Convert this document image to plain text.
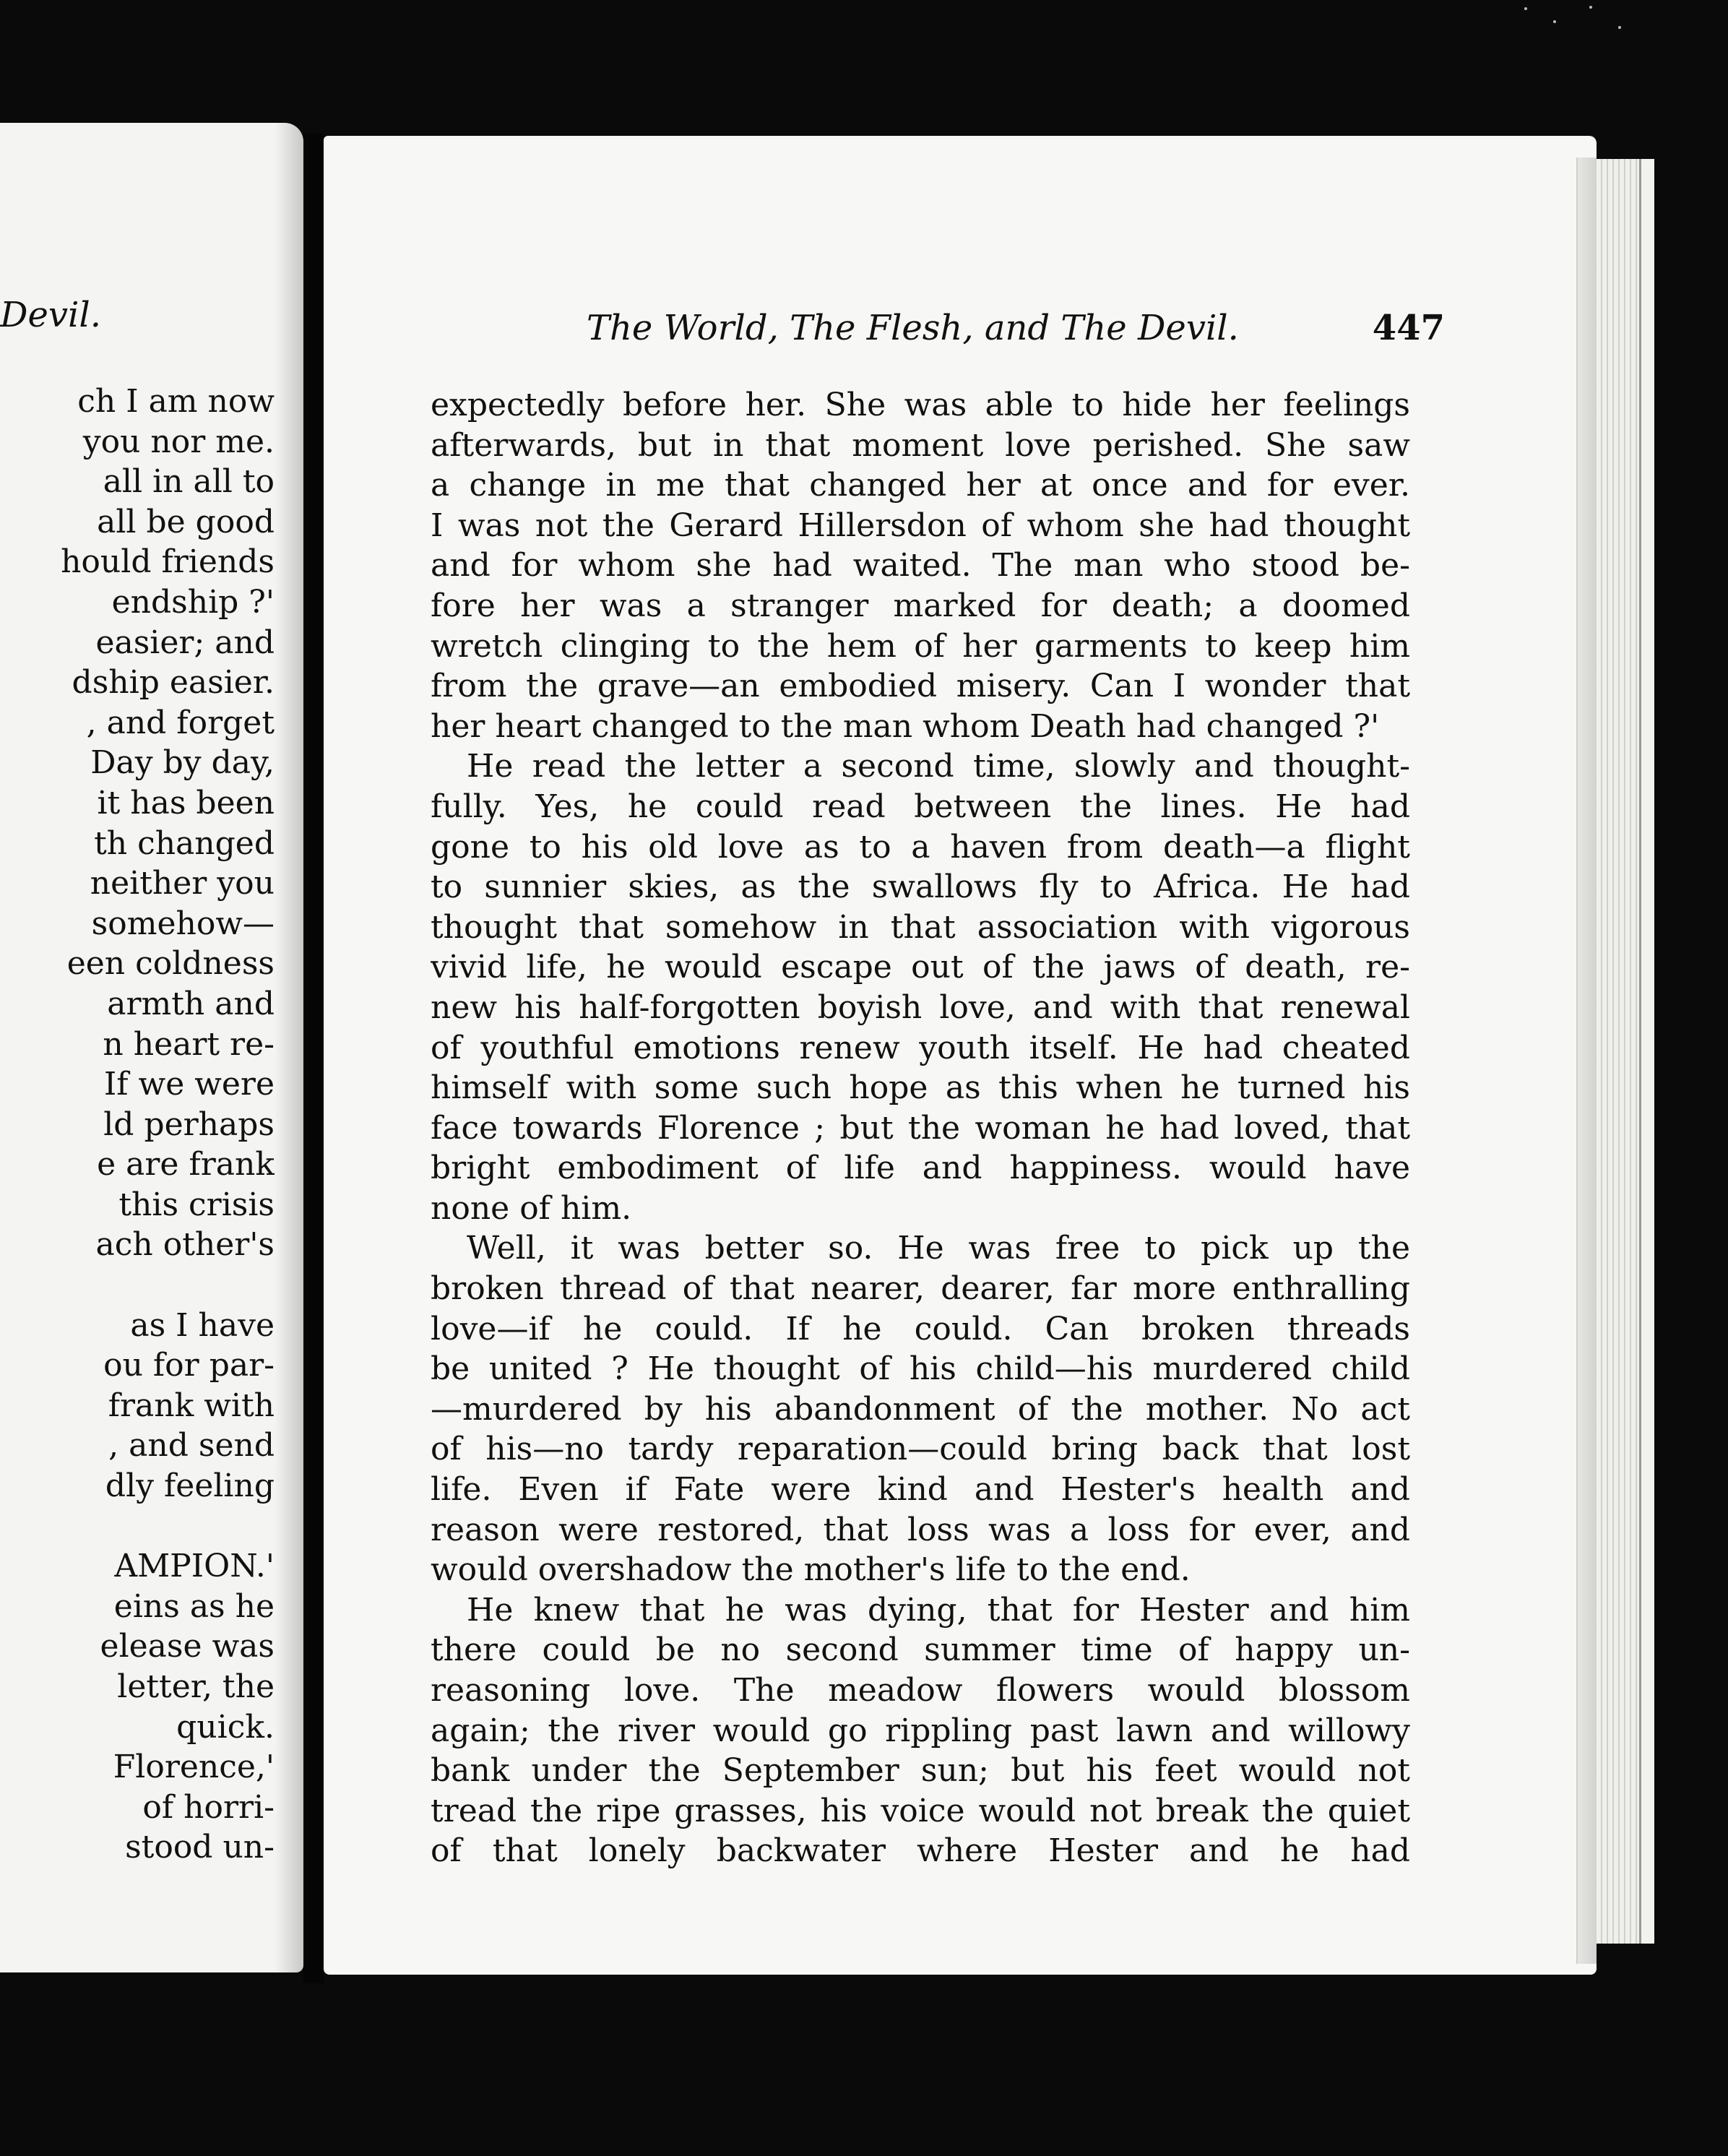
Devil.
ch I am now
you nor me.
all in all to
all be good
hould friends
endship ?'
easier; and
dship easier.
, and forget
Day by day,
it has been
th changed
neither you
somehow—
een coldness
armth and
n heart re-
If we were
ld perhaps
e are frank
this crisis
ach other's

as I have
ou for par-
frank with
, and send
dly feeling

AMPION.'
eins as he
elease was
letter, the
quick.
Florence,'
of horri-
stood un-
The World, The Flesh, and The Devil.	447
expectedly before her. She was able to hide her feelings
afterwards, but in that moment love perished. She saw
a change in me that changed her at once and for ever.
I was not the Gerard Hillersdon of whom she had thought
and for whom she had waited. The man who stood be-
fore her was a stranger marked for death; a doomed
wretch clinging to the hem of her garments to keep him
from the grave—an embodied misery. Can I wonder that
her heart changed to the man whom Death had changed ?'
He read the letter a second time, slowly and thought-
fully. Yes, he could read between the lines. He had
gone to his old love as to a haven from death—a flight
to sunnier skies, as the swallows fly to Africa. He had
thought that somehow in that association with vigorous
vivid life, he would escape out of the jaws of death, re-
new his half-forgotten boyish love, and with that renewal
of youthful emotions renew youth itself. He had cheated
himself with some such hope as this when he turned his
face towards Florence ; but the woman he had loved, that
bright embodiment of life and happiness. would have
none of him.
Well, it was better so. He was free to pick up the
broken thread of that nearer, dearer, far more enthralling
love—if he could. If he could. Can broken threads
be united ? He thought of his child—his murdered child
—murdered by his abandonment of the mother. No act
of his—no tardy reparation—could bring back that lost
life. Even if Fate were kind and Hester's health and
reason were restored, that loss was a loss for ever, and
would overshadow the mother's life to the end.
He knew that he was dying, that for Hester and him
there could be no second summer time of happy un-
reasoning love. The meadow flowers would blossom
again; the river would go rippling past lawn and willowy
bank under the September sun; but his feet would not
tread the ripe grasses, his voice would not break the quiet
of that lonely backwater where Hester and he had
